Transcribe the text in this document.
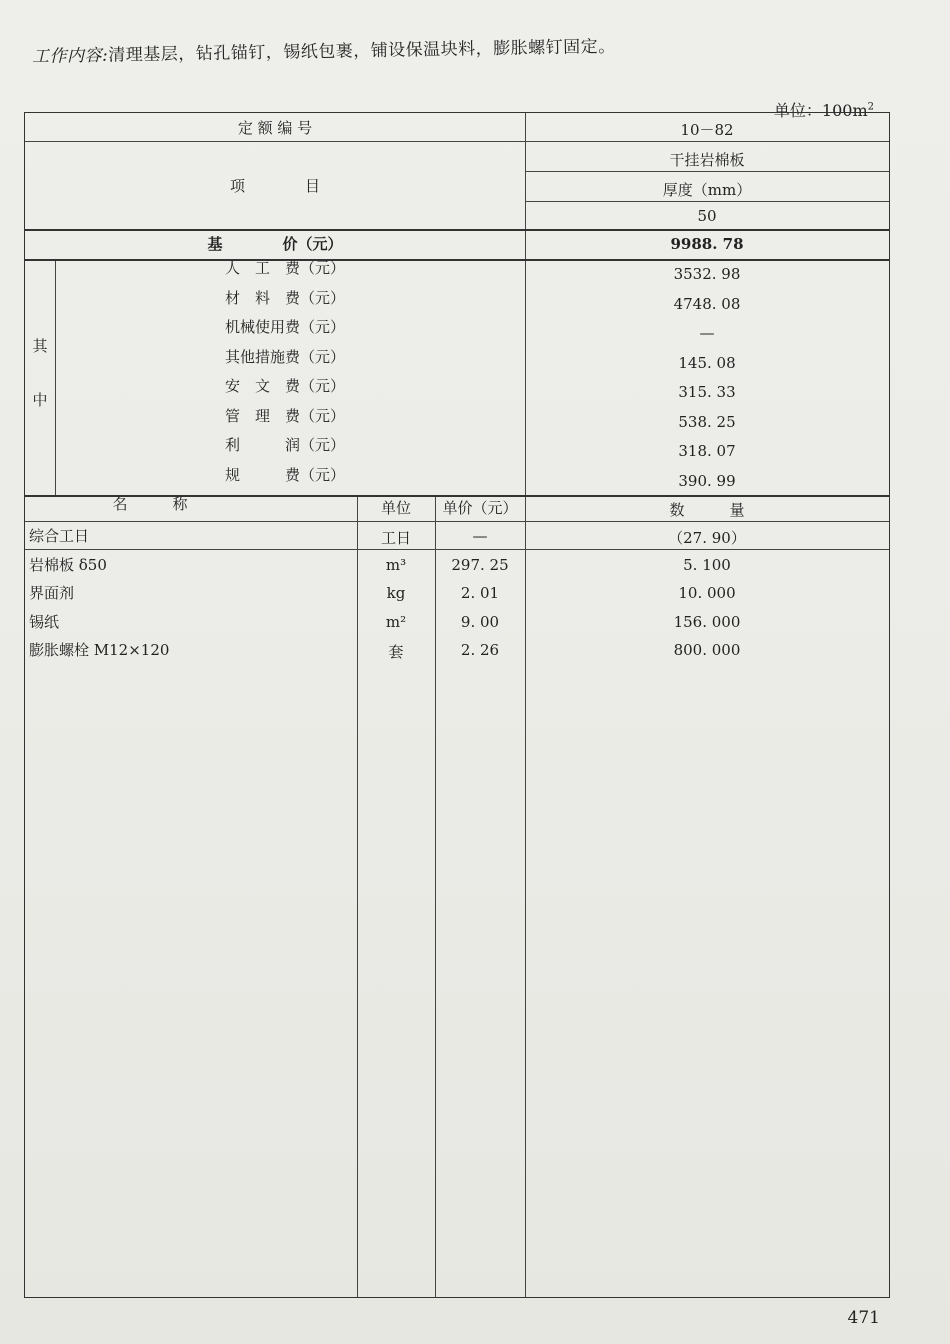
工作内容:清理基层，钻孔锚钉，锡纸包裹，铺设保温块料，膨胀螺钉固定。
单位：$100m^2$
定 额 编 号	10－82
项　　　　目
干挂岩棉板
厚度（mm）
50
基　　　　价（元）	9988. 78
其
中
人　工　费（元）	3532. 98
材　料　费（元）	4748. 08
机械使用费（元）	—
其他措施费（元）	145. 08
安　文　费（元）	315. 33
管　理　费（元）	538. 25
利　　　润（元）	318. 07
规　　　费（元）	390. 99
名　　　称	单位	单价（元）	数　　　量
综合工日	工日	—	（27. 90）
岩棉板 δ50	m³	297. 25	5. 100
界面剂	kg	2. 01	10. 000
锡纸	m²	9. 00	156. 000
膨胀螺栓 M12×120	套	2. 26	800. 000
471
